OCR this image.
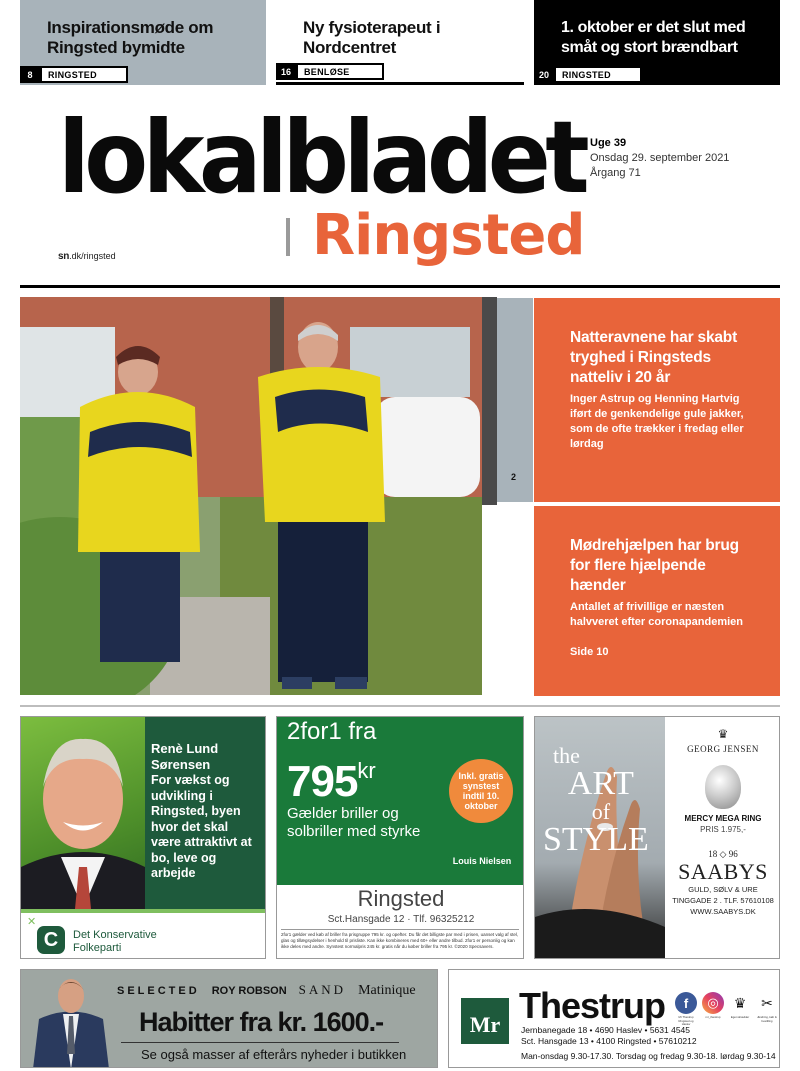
Inspirationsmøde om Ringsted bymidte
8	RINGSTED
Ny fysioterapeut i Nordcentret
16	BENLØSE
1. oktober er det slut med småt og stort brændbart
20	RINGSTED
lokalbladet
Ringsted
sn.dk/ringsted
Uge 39
Onsdag 29. september 2021
Årgang 71
2
Natteravnene har skabt tryghed i Ringsteds natteliv i 20 år
Inger Astrup og Henning Hartvig iført de genkendelige gule jakker, som de ofte trækker i fredag eller lørdag
Mødrehjælpen har brug for flere hjælpende hænder
Antallet af frivillige er næsten halvveret efter coronapandemien
Side 10
Renè Lund Sørensen
For vækst og udvikling i Ringsted, byen hvor det skal være attraktivt at bo, leve og arbejde
C
✕
Det Konservative Folkeparti
2for1 fra
$795^{kr}$
Gælder briller og solbriller med styrke
Inkl. gratis synstest indtil 10. oktober
Louis Nielsen
Ringsted
Sct.Hansgade 12 · Tlf. 96325212
2for1 gælder ved køb af briller fra prisgruppe 795 kr. og opefter. Du får det billigste par med i prisen, uanset valg af stel, glas og tillægsydelser i henhold til prisliste. Kan ikke kombineres med 60+ eller andre tilbud. 2for1 er personlig og kan ikke deles med andre. Synstest normalpris 245 kr. gratis når du køber briller fra 795 kr. ©2020 Specsavers.
the
ART
of
STYLE
♛
GEORG JENSEN
MERCY MEGA RING
PRIS 1.975,-
18 ◇ 96
SAABYS
GULD, SØLV & URE
TINGGADE 2 . TLF. 57610108
WWW.SAABYS.DK
SELECTED ROY ROBSON SAND Matinique
Habitter fra kr. 1600.-
Se også masser af efterårs nyheder i butikken
Mr Thestrup
Jernbanegade 18 • 4690 Haslev • 5631 4545
Sct. Hansgade 13 • 4100 Ringsted • 57610212
Man-onsdag 9.30-17.30. Torsdag og fredag 9.30-18. lørdag 9.30-14
f
Mr Thestrup Ringsted og Haslev
◎
mr_thestrup
♛
Eget skrædder
✂
Ændring, køb & bestilling
